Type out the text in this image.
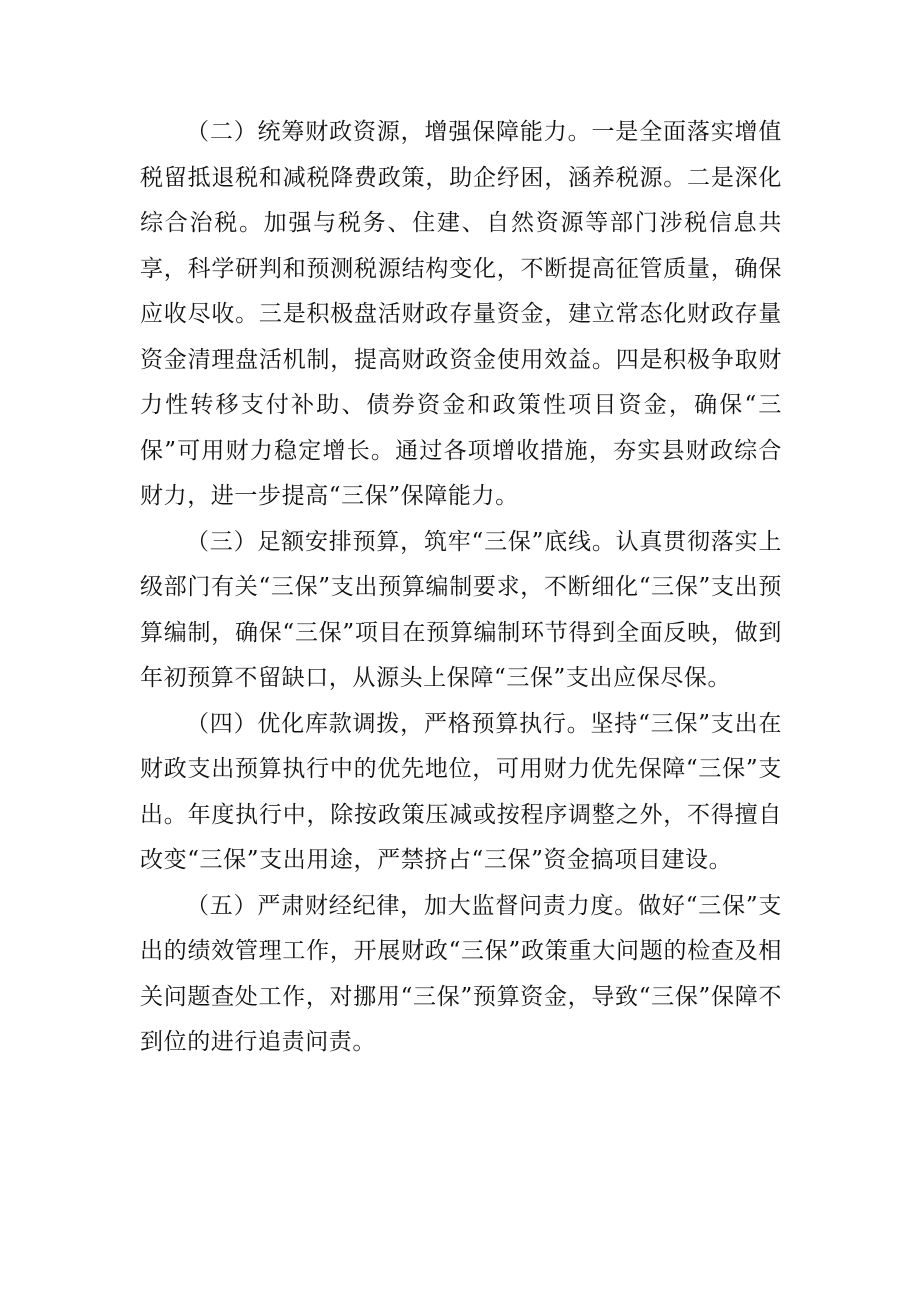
（二）统筹财政资源，增强保障能力。一是全面落实增值税留抵退税和减税降费政策，助企纾困，涵养税源。二是深化综合治税。加强与税务、住建、自然资源等部门涉税信息共享，科学研判和预测税源结构变化，不断提高征管质量，确保应收尽收。三是积极盘活财政存量资金，建立常态化财政存量资金清理盘活机制，提高财政资金使用效益。四是积极争取财力性转移支付补助、债券资金和政策性项目资金，确保“三保”可用财力稳定增长。通过各项增收措施，夯实县财政综合财力，进一步提高“三保”保障能力。

（三）足额安排预算，筑牢“三保”底线。认真贯彻落实上级部门有关“三保”支出预算编制要求，不断细化“三保”支出预算编制，确保“三保”项目在预算编制环节得到全面反映，做到年初预算不留缺口，从源头上保障“三保”支出应保尽保。

（四）优化库款调拨，严格预算执行。坚持“三保”支出在财政支出预算执行中的优先地位，可用财力优先保障“三保”支出。年度执行中，除按政策压减或按程序调整之外，不得擅自改变“三保”支出用途，严禁挤占“三保”资金搞项目建设。

（五）严肃财经纪律，加大监督问责力度。做好“三保”支出的绩效管理工作，开展财政“三保”政策重大问题的检查及相关问题查处工作，对挪用“三保”预算资金，导致“三保”保障不到位的进行追责问责。
